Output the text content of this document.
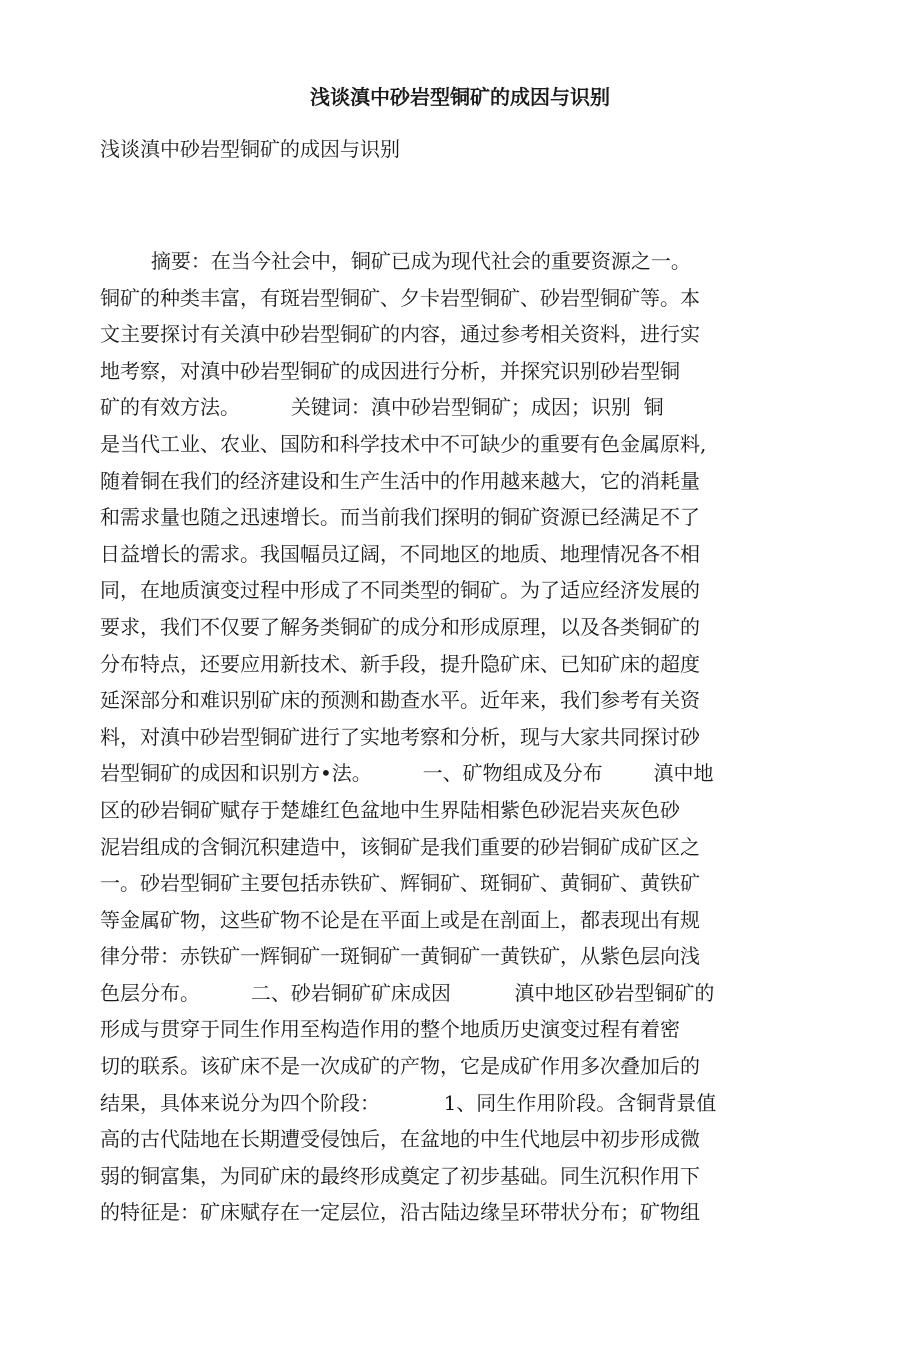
浅谈滇中砂岩型铜矿的成因与识别
浅谈滇中砂岩型铜矿的成因与识别
摘要：在当今社会中，铜矿已成为现代社会的重要资源之一。
铜矿的种类丰富，有斑岩型铜矿、夕卡岩型铜矿、砂岩型铜矿等。本
文主要探讨有关滇中砂岩型铜矿的内容，通过参考相关资料，进行实
地考察，对滇中砂岩型铜矿的成因进行分析，并探究识别砂岩型铜
矿的有效方法。        关键词：滇中砂岩型铜矿；成因；识别  铜
是当代工业、农业、国防和科学技术中不可缺少的重要有色金属原料,
随着铜在我们的经济建设和生产生活中的作用越来越大，它的消耗量
和需求量也随之迅速增长。而当前我们探明的铜矿资源已经满足不了
日益增长的需求。我国幅员辽阔，不同地区的地质、地理情况各不相
同，在地质演变过程中形成了不同类型的铜矿。为了适应经济发展的
要求，我们不仅要了解务类铜矿的成分和形成原理，以及各类铜矿的
分布特点，还要应用新技术、新手段，提升隐矿床、已知矿床的超度
延深部分和难识别矿床的预测和勘查水平。近年来，我们参考有关资
料，对滇中砂岩型铜矿进行了实地考察和分析，现与大家共同探讨砂
岩型铜矿的成因和识别方•法。        一、矿物组成及分布        滇中地
区的砂岩铜矿赋存于楚雄红色盆地中生界陆相紫色砂泥岩夹灰色砂
泥岩组成的含铜沉积建造中，该铜矿是我们重要的砂岩铜矿成矿区之
一。砂岩型铜矿主要包括赤铁矿、辉铜矿、斑铜矿、黄铜矿、黄铁矿
等金属矿物，这些矿物不论是在平面上或是在剖面上，都表现出有规
律分带：赤铁矿一辉铜矿一斑铜矿一黄铜矿一黄铁矿，从紫色层向浅
色层分布。        二、砂岩铜矿矿床成因          滇中地区砂岩型铜矿的
形成与贯穿于同生作用至构造作用的整个地质历史演变过程有着密
切的联系。该矿床不是一次成矿的产物，它是成矿作用多次叠加后的
结果，具体来说分为四个阶段：          1、同生作用阶段。含铜背景值
高的古代陆地在长期遭受侵蚀后，在盆地的中生代地层中初步形成微
弱的铜富集，为同矿床的最终形成奠定了初步基础。同生沉积作用下
的特征是：矿床赋存在一定层位，沿古陆边缘呈环带状分布；矿物组
